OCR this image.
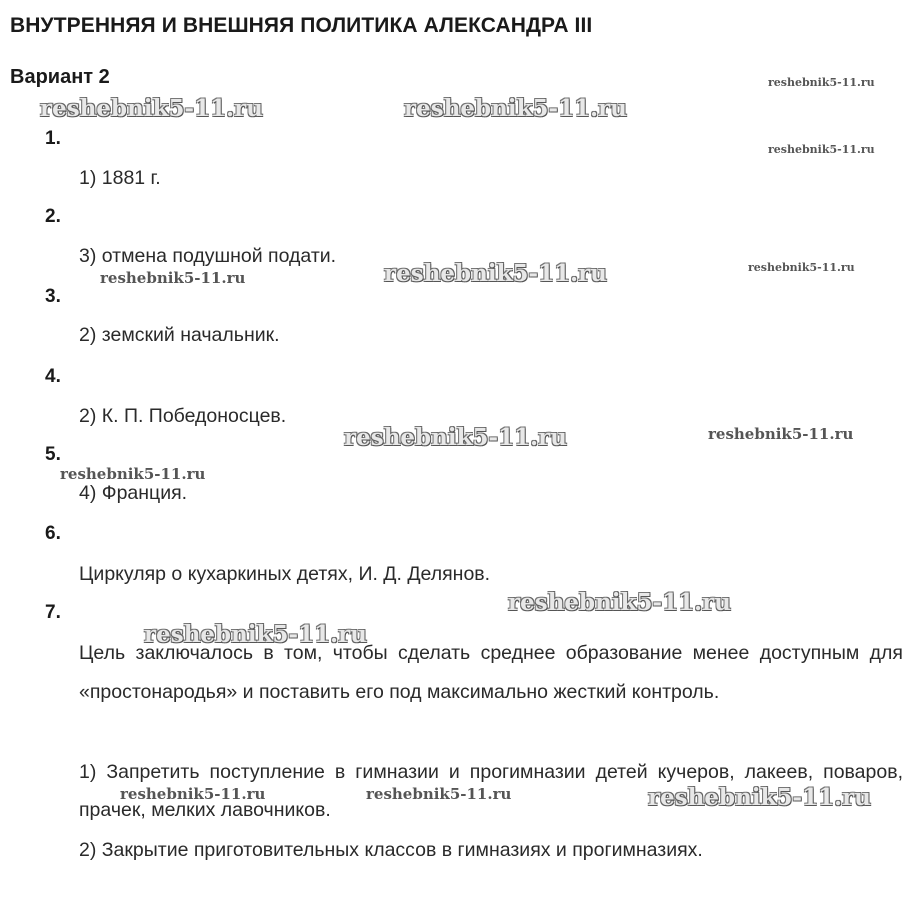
ВНУТРЕННЯЯ И ВНЕШНЯЯ ПОЛИТИКА АЛЕКСАНДРА III
Вариант 2
1.
1) 1881 г.
2.
3) отмена подушной подати.
3.
2) земский начальник.
4.
2) К. П. Победоносцев.
5.
4) Франция.
6.
Циркуляр о кухаркиных детях, И. Д. Делянов.
7.
Цель заключалось в том, чтобы сделать среднее образование менее доступным для «простонародья» и поставить его под максимально жесткий контроль.
1) Запретить поступление в гимназии и прогимназии детей кучеров, лакеев, поваров, прачек, мелких лавочников.
2) Закрытие приготовительных классов в гимназиях и прогимназиях.
reshebnik5-11.ru
reshebnik5-11.ru	reshebnik5-11.ru
reshebnik5-11.ru
reshebnik5-11.ru	reshebnik5-11.ru	reshebnik5-11.ru
reshebnik5-11.ru	reshebnik5-11.ru
reshebnik5-11.ru
reshebnik5-11.ru
reshebnik5-11.ru
reshebnik5-11.ru	reshebnik5-11.ru	reshebnik5-11.ru
